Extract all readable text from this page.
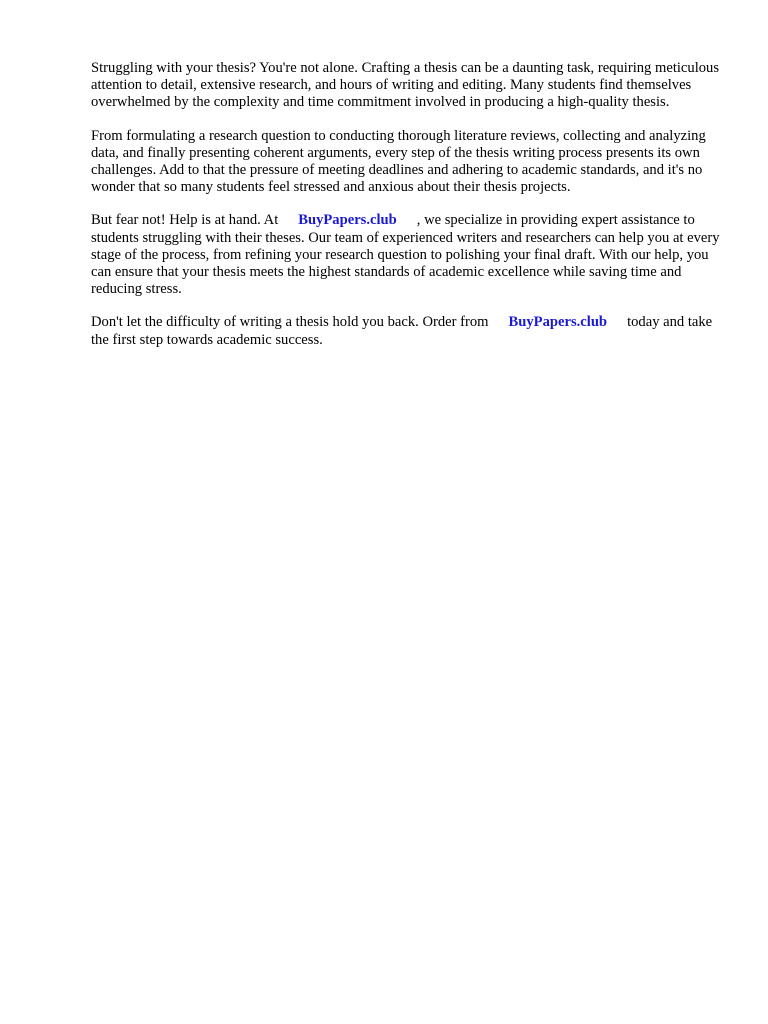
Struggling with your thesis? You're not alone. Crafting a thesis can be a daunting task, requiring meticulous attention to detail, extensive research, and hours of writing and editing. Many students find themselves overwhelmed by the complexity and time commitment involved in producing a high-quality thesis.

From formulating a research question to conducting thorough literature reviews, collecting and analyzing data, and finally presenting coherent arguments, every step of the thesis writing process presents its own challenges. Add to that the pressure of meeting deadlines and adhering to academic standards, and it's no wonder that so many students feel stressed and anxious about their thesis projects.

But fear not! Help is at hand. At BuyPapers.club , we specialize in providing expert assistance to students struggling with their theses. Our team of experienced writers and researchers can help you at every stage of the process, from refining your research question to polishing your final draft. With our help, you can ensure that your thesis meets the highest standards of academic excellence while saving time and reducing stress.

Don't let the difficulty of writing a thesis hold you back. Order from BuyPapers.club today and take the first step towards academic success.
